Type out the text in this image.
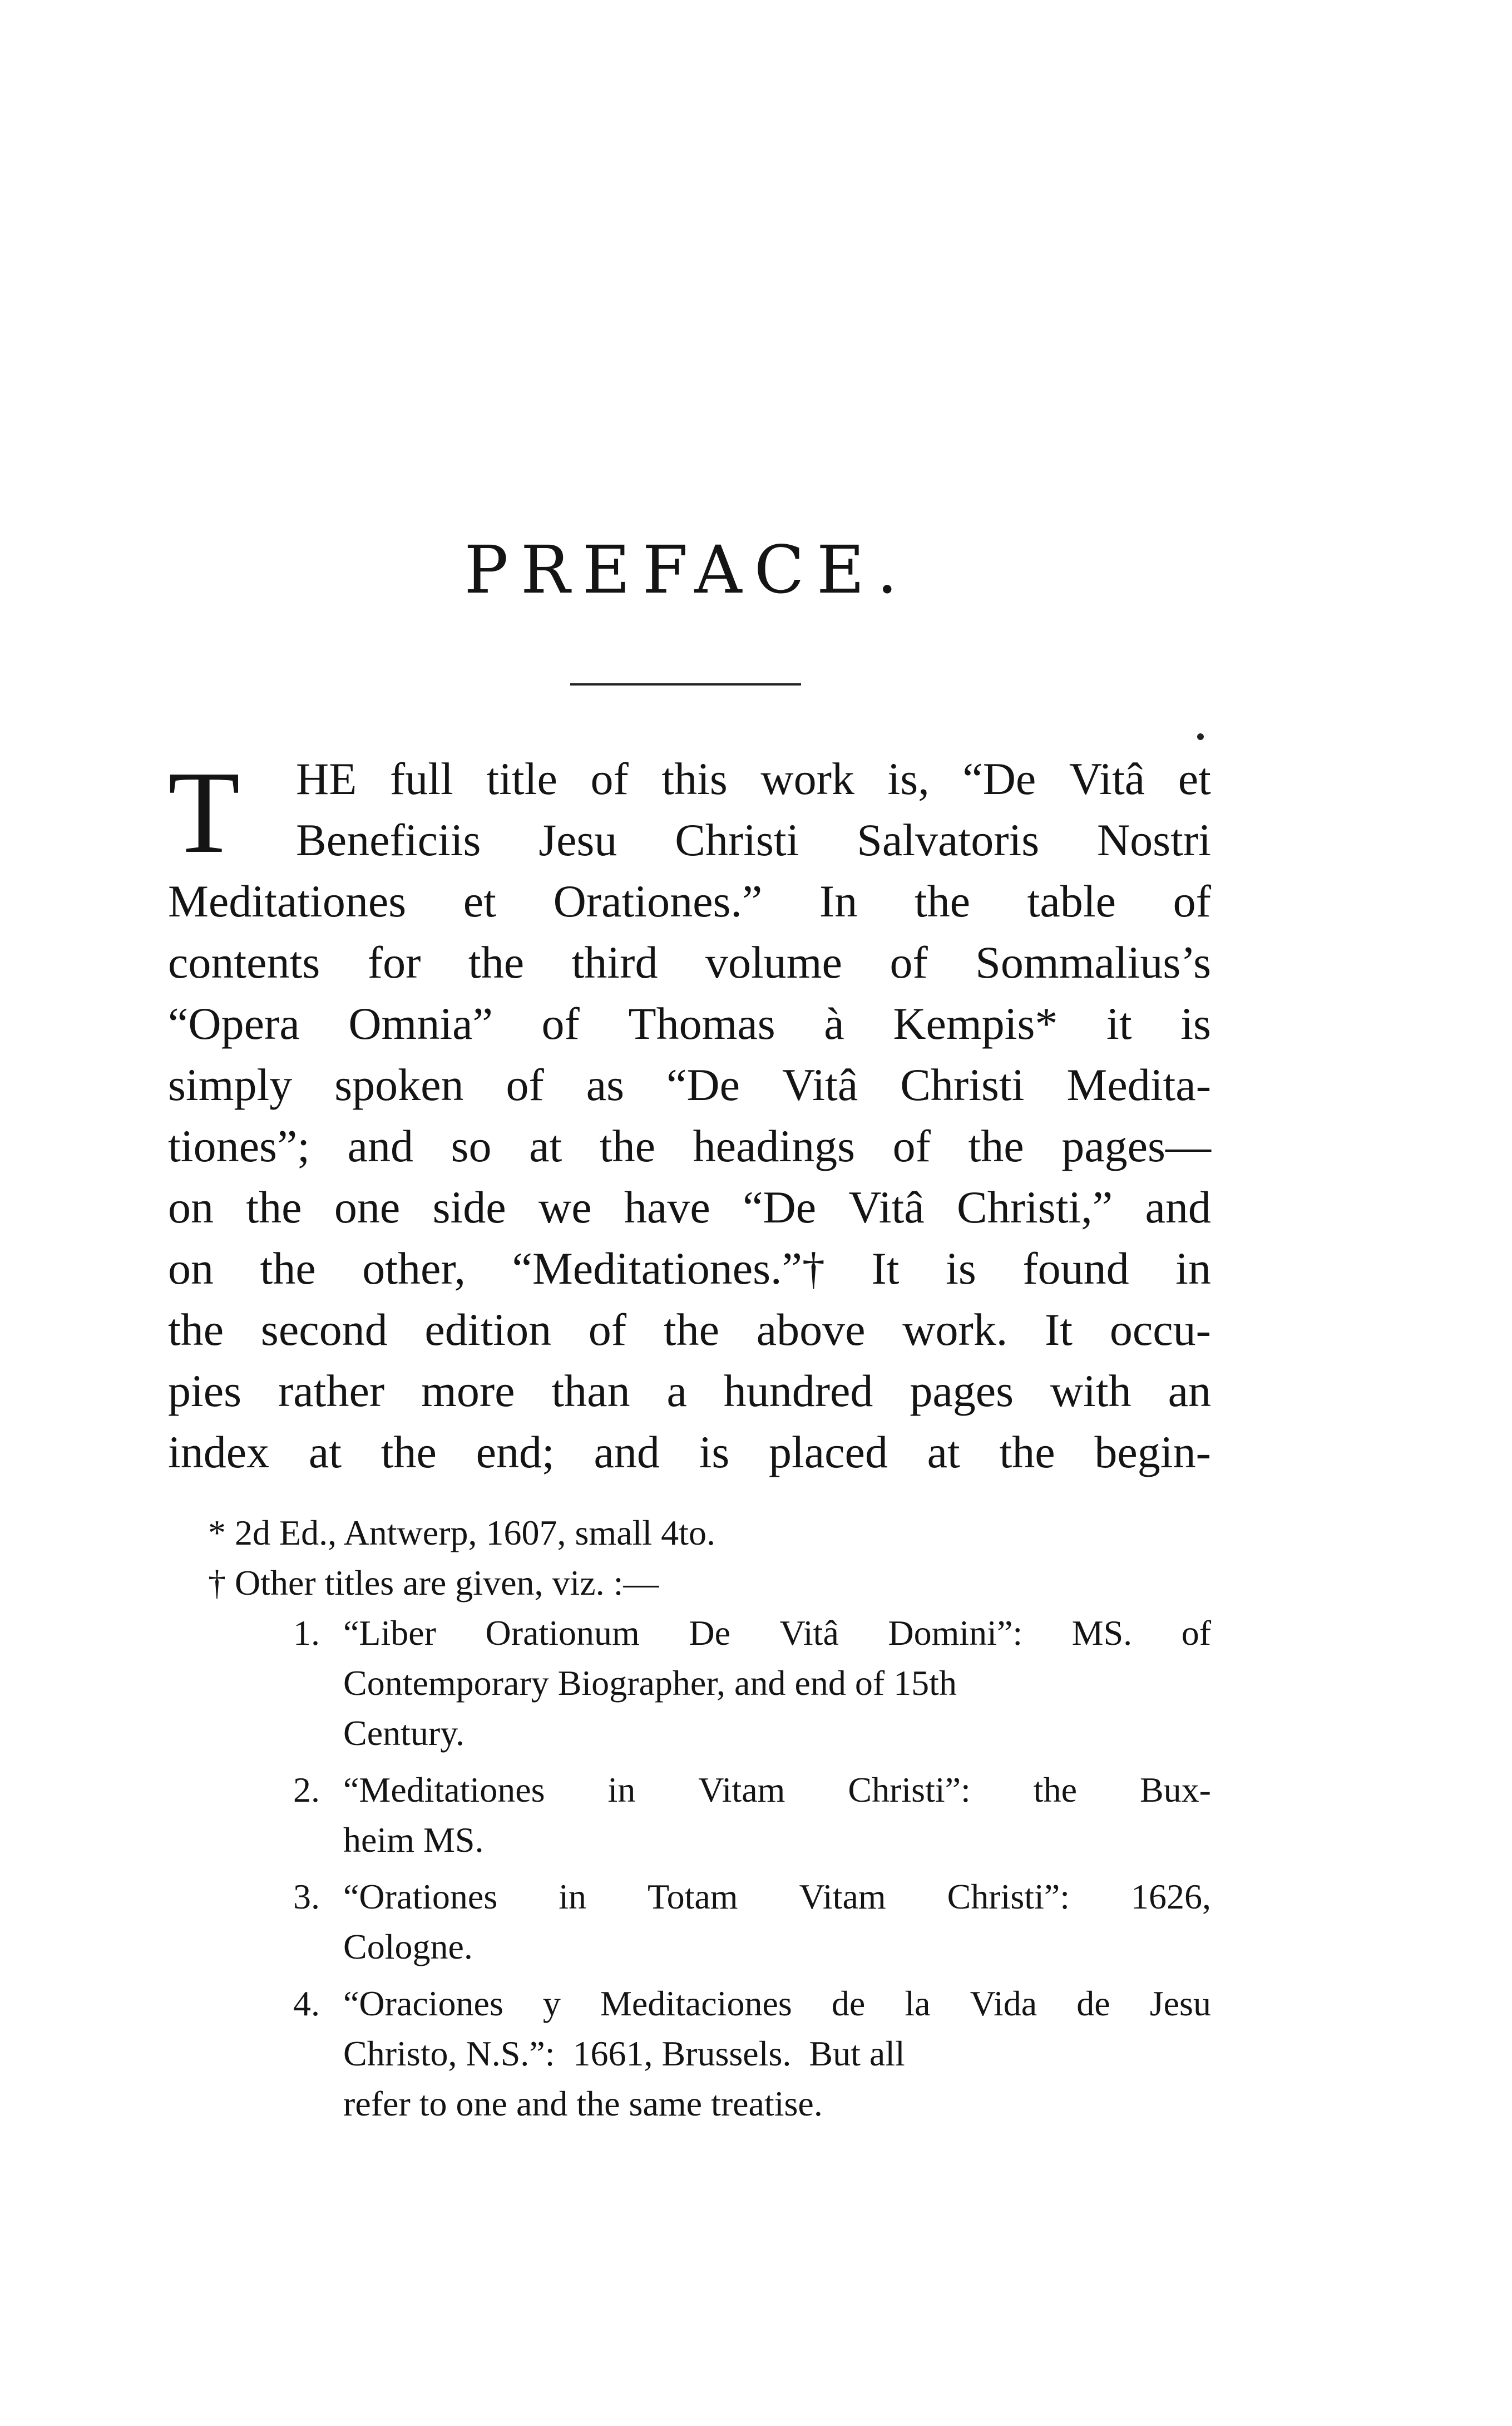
PREFACE.
T HE full title of this work is, “De Vitâ et
Beneficiis Jesu Christi Salvatoris Nostri
Meditationes et Orationes.” In the table of
contents for the third volume of Sommalius’s
“Opera Omnia” of Thomas à Kempis* it is
simply spoken of as “De Vitâ Christi Medita-
tiones”; and so at the headings of the pages—
on the one side we have “De Vitâ Christi,” and
on the other, “Meditationes.”† It is found in
the second edition of the above work. It occu-
pies rather more than a hundred pages with an
index at the end; and is placed at the begin-
* 2d Ed., Antwerp, 1607, small 4to.
† Other titles are given, viz. :—
1. “Liber Orationum De Vitâ Domini”: MS. of
Contemporary Biographer, and end of 15th
Century.
2. “Meditationes in Vitam Christi”: the Bux-
heim MS.
3. “Orationes in Totam Vitam Christi”: 1626,
Cologne.
4. “Oraciones y Meditaciones de la Vida de Jesu
Christo, N.S.”:  1661, Brussels.  But all
refer to one and the same treatise.
